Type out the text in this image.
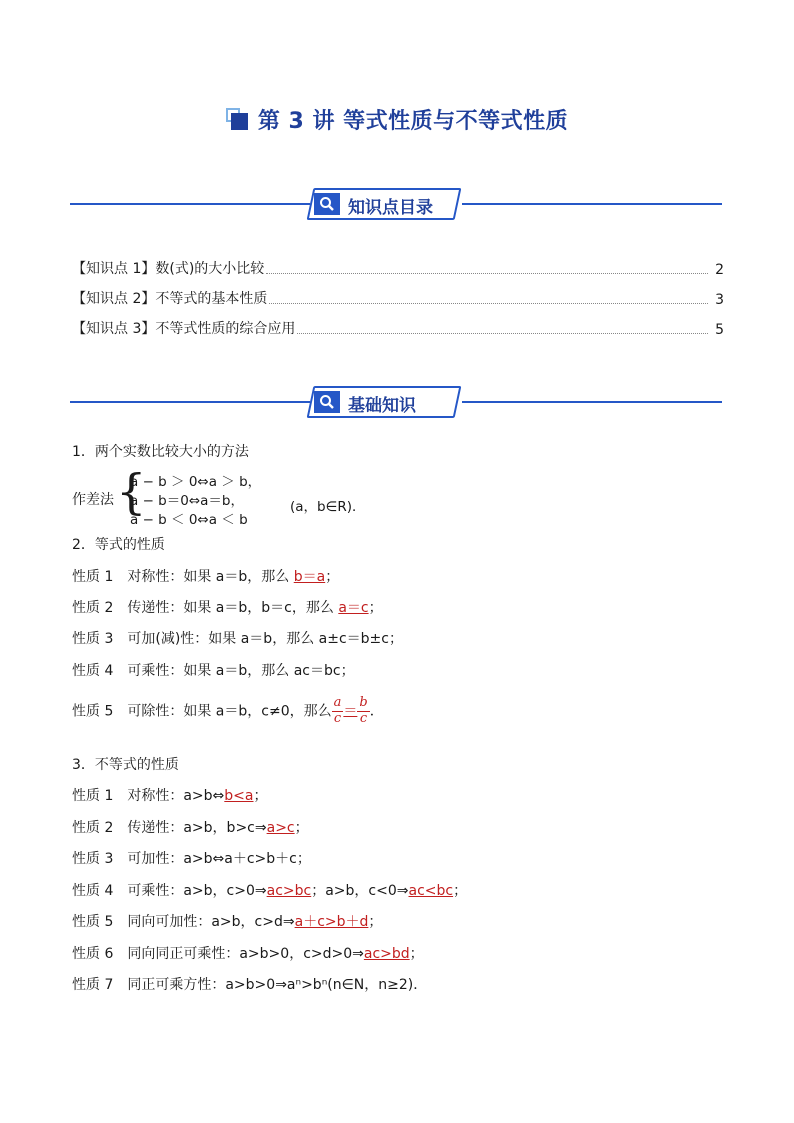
第 3 讲 等式性质与不等式性质
知识点目录
【知识点 1】数(式)的大小比较	2
【知识点 2】不等式的基本性质	3
【知识点 3】不等式性质的综合应用	5
基础知识
1．两个实数比较大小的方法
作差法 {
a − b ＞ 0⇔a ＞ b，
a − b＝0⇔a＝b，
a − b ＜ 0⇔a ＜ b
(a，b∈R)．
2．等式的性质
性质 1　对称性：如果 a＝b，那么 b＝a；
性质 2　传递性：如果 a＝b，b＝c，那么 a＝c；
性质 3　可加(减)性：如果 a＝b，那么 a±c＝b±c；
性质 4　可乘性：如果 a＝b，那么 ac＝bc；
性质 5　可除性：如果 a＝b，c≠0，那么 $\frac{a}{c} = \frac{b}{c}$ ．
3．不等式的性质
性质 1　对称性：a>b⇔b<a；
性质 2　传递性：a>b，b>c⇒a>c；
性质 3　可加性：a>b⇔a＋c>b＋c；
性质 4　可乘性：a>b，c>0⇒ac>bc；a>b，c<0⇒ac<bc；
性质 5　同向可加性：a>b，c>d⇒a＋c>b＋d；
性质 6　同向同正可乘性：a>b>0，c>d>0⇒ac>bd；
性质 7　同正可乘方性：a>b>0⇒aⁿ>bⁿ(n∈N，n≥2)．
